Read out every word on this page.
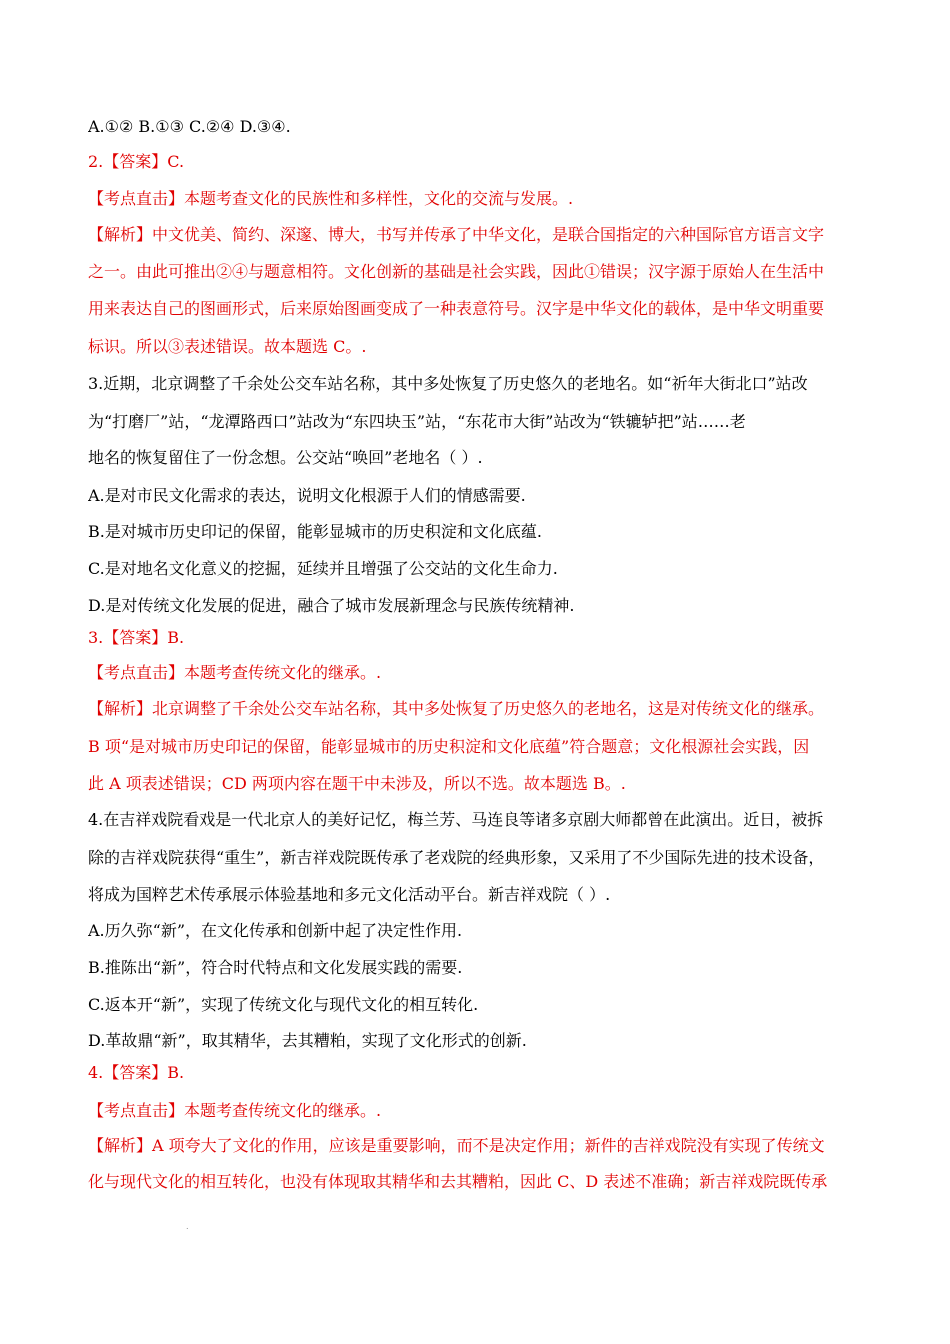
A.①② B.①③ C.②④ D.③④.
2.【答案】C.
【考点直击】本题考查文化的民族性和多样性，文化的交流与发展。.
【解析】中文优美、简约、深邃、博大，书写并传承了中华文化，是联合国指定的六种国际官方语言文字
之一。由此可推出②④与题意相符。文化创新的基础是社会实践，因此①错误；汉字源于原始人在生活中
用来表达自己的图画形式，后来原始图画变成了一种表意符号。汉字是中华文化的载体，是中华文明重要
标识。所以③表述错误。故本题选 C。.
3.近期，北京调整了千余处公交车站名称，其中多处恢复了历史悠久的老地名。如“祈年大街北口”站改
为“打磨厂”站，“龙潭路西口”站改为“东四块玉”站，“东花市大街”站改为“铁辘轳把”站……老
地名的恢复留住了一份念想。公交站“唤回”老地名（ ）.
A.是对市民文化需求的表达，说明文化根源于人们的情感需要.
B.是对城市历史印记的保留，能彰显城市的历史积淀和文化底蕴.
C.是对地名文化意义的挖掘，延续并且增强了公交站的文化生命力.
D.是对传统文化发展的促进，融合了城市发展新理念与民族传统精神.
3.【答案】B.
【考点直击】本题考查传统文化的继承。.
【解析】北京调整了千余处公交车站名称，其中多处恢复了历史悠久的老地名，这是对传统文化的继承。
B 项“是对城市历史印记的保留，能彰显城市的历史积淀和文化底蕴”符合题意；文化根源社会实践，因
此 A 项表述错误；CD 两项内容在题干中未涉及，所以不选。故本题选 B。.
4.在吉祥戏院看戏是一代北京人的美好记忆，梅兰芳、马连良等诸多京剧大师都曾在此演出。近日，被拆
除的吉祥戏院获得“重生”，新吉祥戏院既传承了老戏院的经典形象，又采用了不少国际先进的技术设备，
将成为国粹艺术传承展示体验基地和多元文化活动平台。新吉祥戏院（ ）.
A.历久弥“新”，在文化传承和创新中起了决定性作用.
B.推陈出“新”，符合时代特点和文化发展实践的需要.
C.返本开“新”，实现了传统文化与现代文化的相互转化.
D.革故鼎“新”，取其精华，去其糟粕，实现了文化形式的创新.
4.【答案】B.
【考点直击】本题考查传统文化的继承。.
【解析】A 项夸大了文化的作用，应该是重要影响，而不是决定作用；新件的吉祥戏院没有实现了传统文
化与现代文化的相互转化，也没有体现取其精华和去其糟粕，因此 C、D 表述不准确；新吉祥戏院既传承
.
